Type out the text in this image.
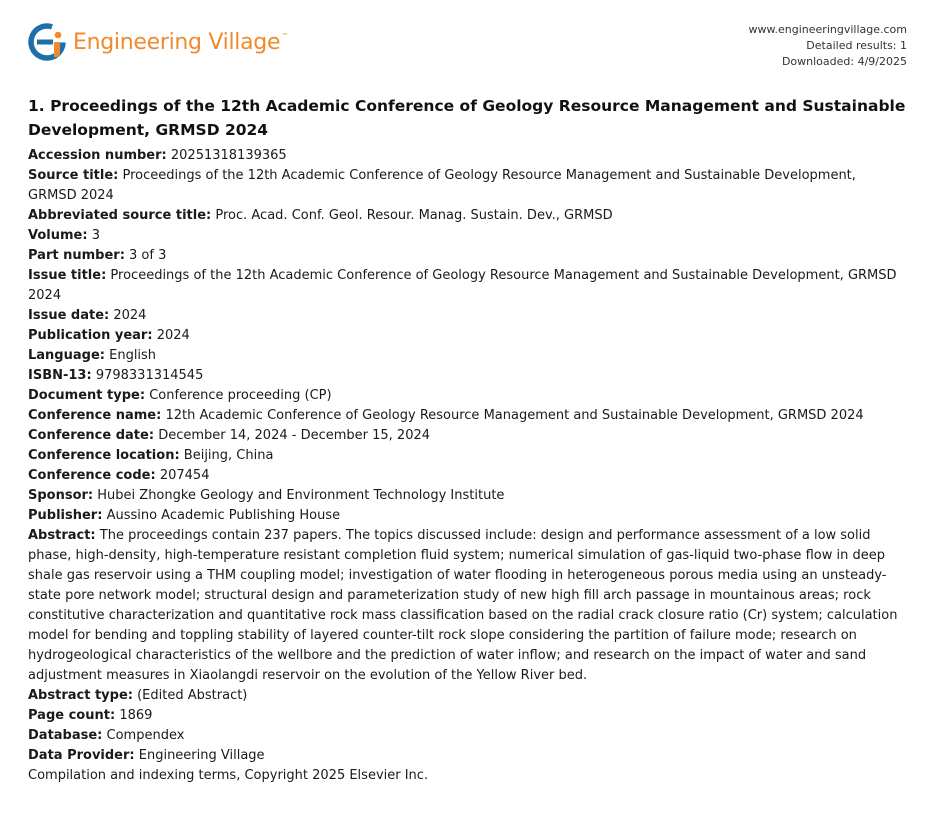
Engineering Village™	www.engineeringvillage.com
Detailed results: 1
Downloaded: 4/9/2025
1. Proceedings of the 12th Academic Conference of Geology Resource Management and Sustainable Development, GRMSD 2024
Accession number: 20251318139365
Source title: Proceedings of the 12th Academic Conference of Geology Resource Management and Sustainable Development, GRMSD 2024
Abbreviated source title: Proc. Acad. Conf. Geol. Resour. Manag. Sustain. Dev., GRMSD
Volume: 3
Part number: 3 of 3
Issue title: Proceedings of the 12th Academic Conference of Geology Resource Management and Sustainable Development, GRMSD 2024
Issue date: 2024
Publication year: 2024
Language: English
ISBN-13: 9798331314545
Document type: Conference proceeding (CP)
Conference name: 12th Academic Conference of Geology Resource Management and Sustainable Development, GRMSD 2024
Conference date: December 14, 2024 - December 15, 2024
Conference location: Beijing, China
Conference code: 207454
Sponsor: Hubei Zhongke Geology and Environment Technology Institute
Publisher: Aussino Academic Publishing House
Abstract: The proceedings contain 237 papers. The topics discussed include: design and performance assessment of a low solid phase, high-density, high-temperature resistant completion fluid system; numerical simulation of gas-liquid two-phase flow in deep shale gas reservoir using a THM coupling model; investigation of water flooding in heterogeneous porous media using an unsteady-state pore network model; structural design and parameterization study of new high fill arch passage in mountainous areas; rock constitutive characterization and quantitative rock mass classification based on the radial crack closure ratio (Cr) system; calculation model for bending and toppling stability of layered counter-tilt rock slope considering the partition of failure mode; research on hydrogeological characteristics of the wellbore and the prediction of water inflow; and research on the impact of water and sand adjustment measures in Xiaolangdi reservoir on the evolution of the Yellow River bed.
Abstract type: (Edited Abstract)
Page count: 1869
Database: Compendex
Data Provider: Engineering Village
Compilation and indexing terms, Copyright 2025 Elsevier Inc.
